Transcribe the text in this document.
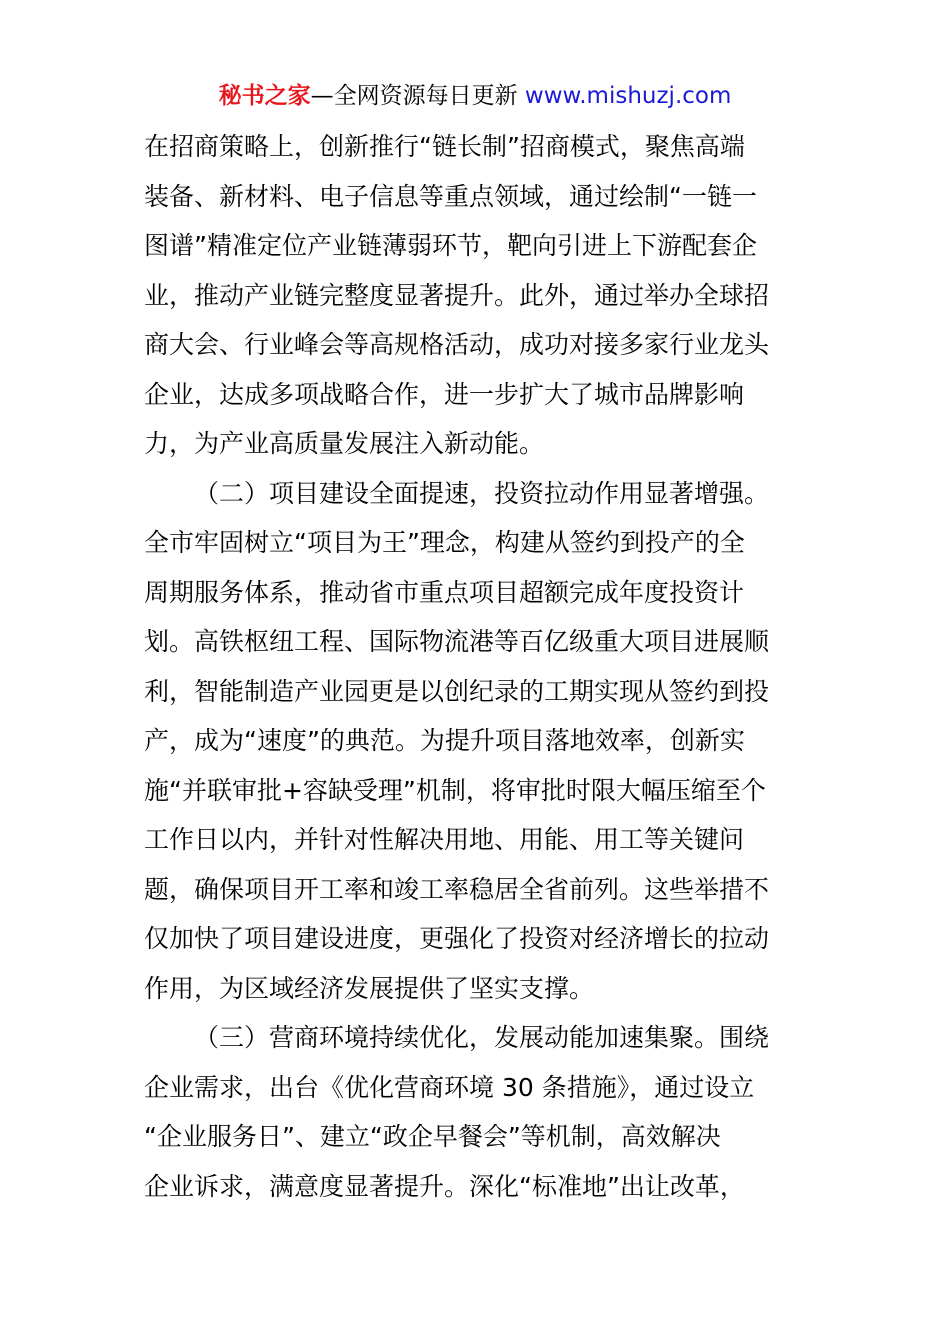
秘书之家—全网资源每日更新 www.mishuzj.com
在招商策略上，创新推行“链长制”招商模式，聚焦高端
装备、新材料、电子信息等重点领域，通过绘制“一链一
图谱”精准定位产业链薄弱环节，靶向引进上下游配套企
业，推动产业链完整度显著提升。此外，通过举办全球招
商大会、行业峰会等高规格活动，成功对接多家行业龙头
企业，达成多项战略合作，进一步扩大了城市品牌影响
力，为产业高质量发展注入新动能。
（二）项目建设全面提速，投资拉动作用显著增强。
全市牢固树立“项目为王”理念，构建从签约到投产的全
周期服务体系，推动省市重点项目超额完成年度投资计
划。高铁枢纽工程、国际物流港等百亿级重大项目进展顺
利，智能制造产业园更是以创纪录的工期实现从签约到投
产，成为“速度”的典范。为提升项目落地效率，创新实
施“并联审批+容缺受理”机制，将审批时限大幅压缩至个
工作日以内，并针对性解决用地、用能、用工等关键问
题，确保项目开工率和竣工率稳居全省前列。这些举措不
仅加快了项目建设进度，更强化了投资对经济增长的拉动
作用，为区域经济发展提供了坚实支撑。
（三）营商环境持续优化，发展动能加速集聚。围绕
企业需求，出台《优化营商环境 30 条措施》，通过设立
“企业服务日”、建立“政企早餐会”等机制，高效解决
企业诉求，满意度显著提升。深化“标准地”出让改革，
